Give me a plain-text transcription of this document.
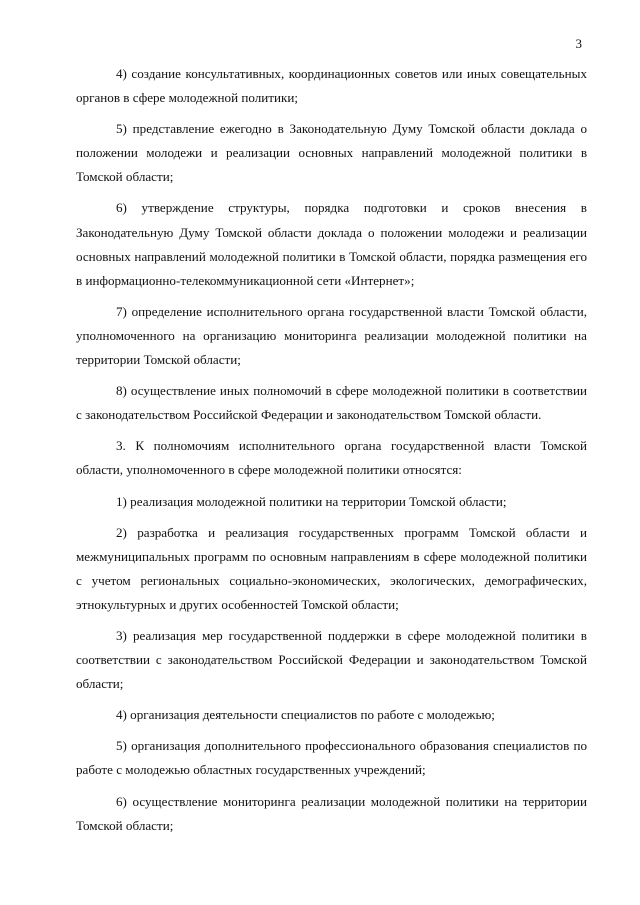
3

4) создание консультативных, координационных советов или иных совещательных органов в сфере молодежной политики;

5) представление ежегодно в Законодательную Думу Томской области доклада о положении молодежи и реализации основных направлений молодежной политики в Томской области;

6) утверждение структуры, порядка подготовки и сроков внесения в Законодательную Думу Томской области доклада о положении молодежи и реализации основных направлений молодежной политики в Томской области, порядка размещения его в информационно-телекоммуникационной сети «Интернет»;

7) определение исполнительного органа государственной власти Томской области, уполномоченного на организацию мониторинга реализации молодежной политики на территории Томской области;

8) осуществление иных полномочий в сфере молодежной политики в соответствии с законодательством Российской Федерации и законодательством Томской области.

3. К полномочиям исполнительного органа государственной власти Томской области, уполномоченного в сфере молодежной политики относятся:

1) реализация молодежной политики на территории Томской области;

2) разработка и реализация государственных программ Томской области и межмуниципальных программ по основным направлениям в сфере молодежной политики с учетом региональных социально-экономических, экологических, демографических, этнокультурных и других особенностей Томской области;

3) реализация мер государственной поддержки в сфере молодежной политики в соответствии с законодательством Российской Федерации и законодательством Томской области;

4) организация деятельности специалистов по работе с молодежью;

5) организация дополнительного профессионального образования специалистов по работе с молодежью областных государственных учреждений;

6) осуществление мониторинга реализации молодежной политики на территории Томской области;
